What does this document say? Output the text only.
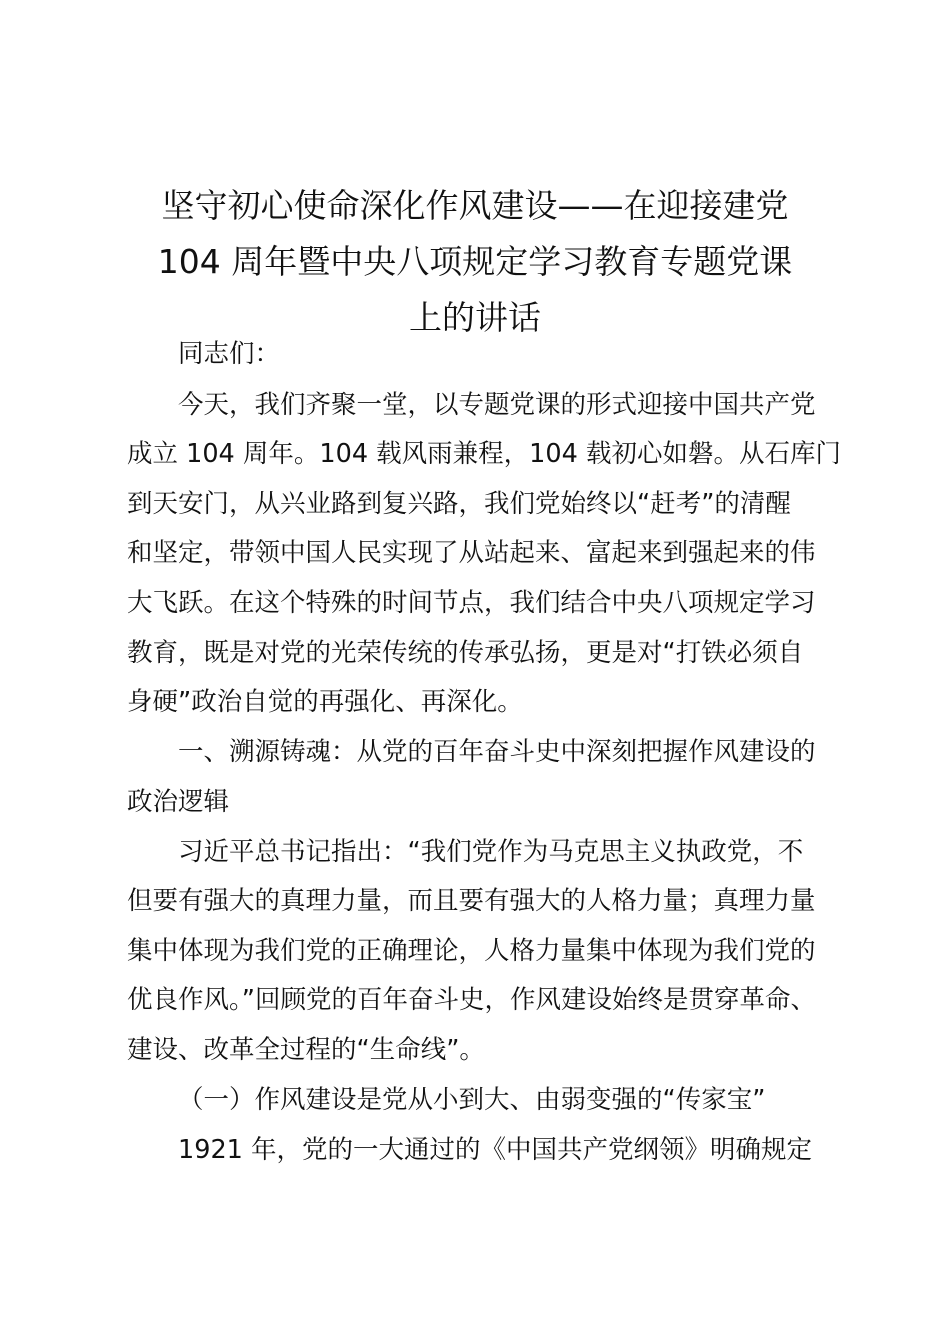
坚守初心使命深化作风建设——在迎接建党
104 周年暨中央八项规定学习教育专题党课
上的讲话

同志们：

今天，我们齐聚一堂，以专题党课的形式迎接中国共产党

成立 104 周年。104 载风雨兼程，104 载初心如磐。从石库门

到天安门，从兴业路到复兴路，我们党始终以“赶考”的清醒

和坚定，带领中国人民实现了从站起来、富起来到强起来的伟

大飞跃。在这个特殊的时间节点，我们结合中央八项规定学习

教育，既是对党的光荣传统的传承弘扬，更是对“打铁必须自

身硬”政治自觉的再强化、再深化。

一、溯源铸魂：从党的百年奋斗史中深刻把握作风建设的

政治逻辑

习近平总书记指出：“我们党作为马克思主义执政党，不

但要有强大的真理力量，而且要有强大的人格力量；真理力量

集中体现为我们党的正确理论，人格力量集中体现为我们党的

优良作风。”回顾党的百年奋斗史，作风建设始终是贯穿革命、

建设、改革全过程的“生命线”。

（一）作风建设是党从小到大、由弱变强的“传家宝”

1921 年，党的一大通过的《中国共产党纲领》明确规定
